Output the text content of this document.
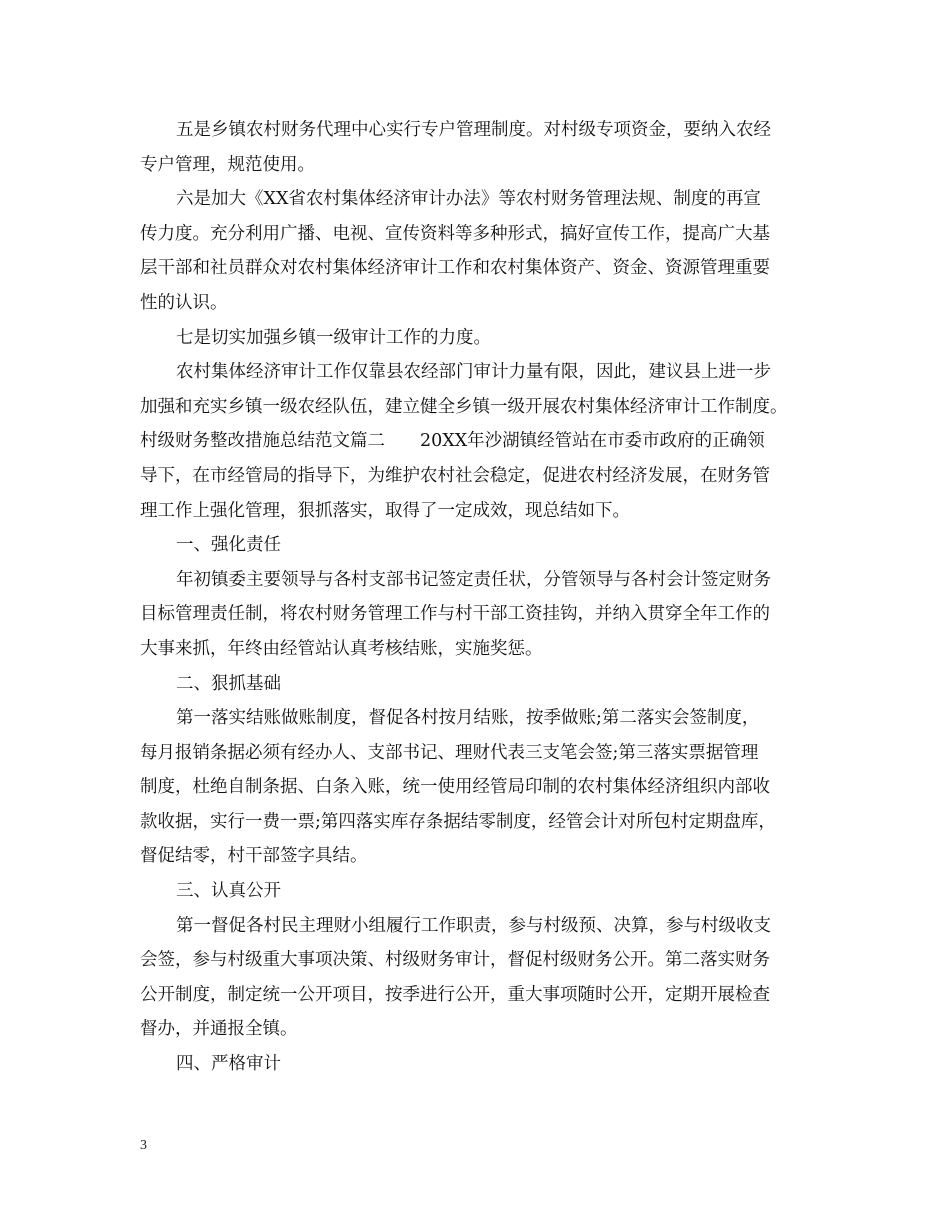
五是乡镇农村财务代理中心实行专户管理制度。对村级专项资金，要纳入农经
专户管理，规范使用。
六是加大《XX省农村集体经济审计办法》等农村财务管理法规、制度的再宣
传力度。充分利用广播、电视、宣传资料等多种形式，搞好宣传工作，提高广大基
层干部和社员群众对农村集体经济审计工作和农村集体资产、资金、资源管理重要
性的认识。
七是切实加强乡镇一级审计工作的力度。
农村集体经济审计工作仅靠县农经部门审计力量有限，因此，建议县上进一步
加强和充实乡镇一级农经队伍，建立健全乡镇一级开展农村集体经济审计工作制度。
村级财务整改措施总结范文篇二　　20XX年沙湖镇经管站在市委市政府的正确领
导下，在市经管局的指导下，为维护农村社会稳定，促进农村经济发展，在财务管
理工作上强化管理，狠抓落实，取得了一定成效，现总结如下。
一、强化责任
年初镇委主要领导与各村支部书记签定责任状，分管领导与各村会计签定财务
目标管理责任制，将农村财务管理工作与村干部工资挂钩，并纳入贯穿全年工作的
大事来抓，年终由经管站认真考核结账，实施奖惩。
二、狠抓基础
第一落实结账做账制度，督促各村按月结账，按季做账;第二落实会签制度，
每月报销条据必须有经办人、支部书记、理财代表三支笔会签;第三落实票据管理
制度，杜绝自制条据、白条入账，统一使用经管局印制的农村集体经济组织内部收
款收据，实行一费一票;第四落实库存条据结零制度，经管会计对所包村定期盘库，
督促结零，村干部签字具结。
三、认真公开
第一督促各村民主理财小组履行工作职责，参与村级预、决算，参与村级收支
会签，参与村级重大事项决策、村级财务审计，督促村级财务公开。第二落实财务
公开制度，制定统一公开项目，按季进行公开，重大事项随时公开，定期开展检查
督办，并通报全镇。
四、严格审计
3
